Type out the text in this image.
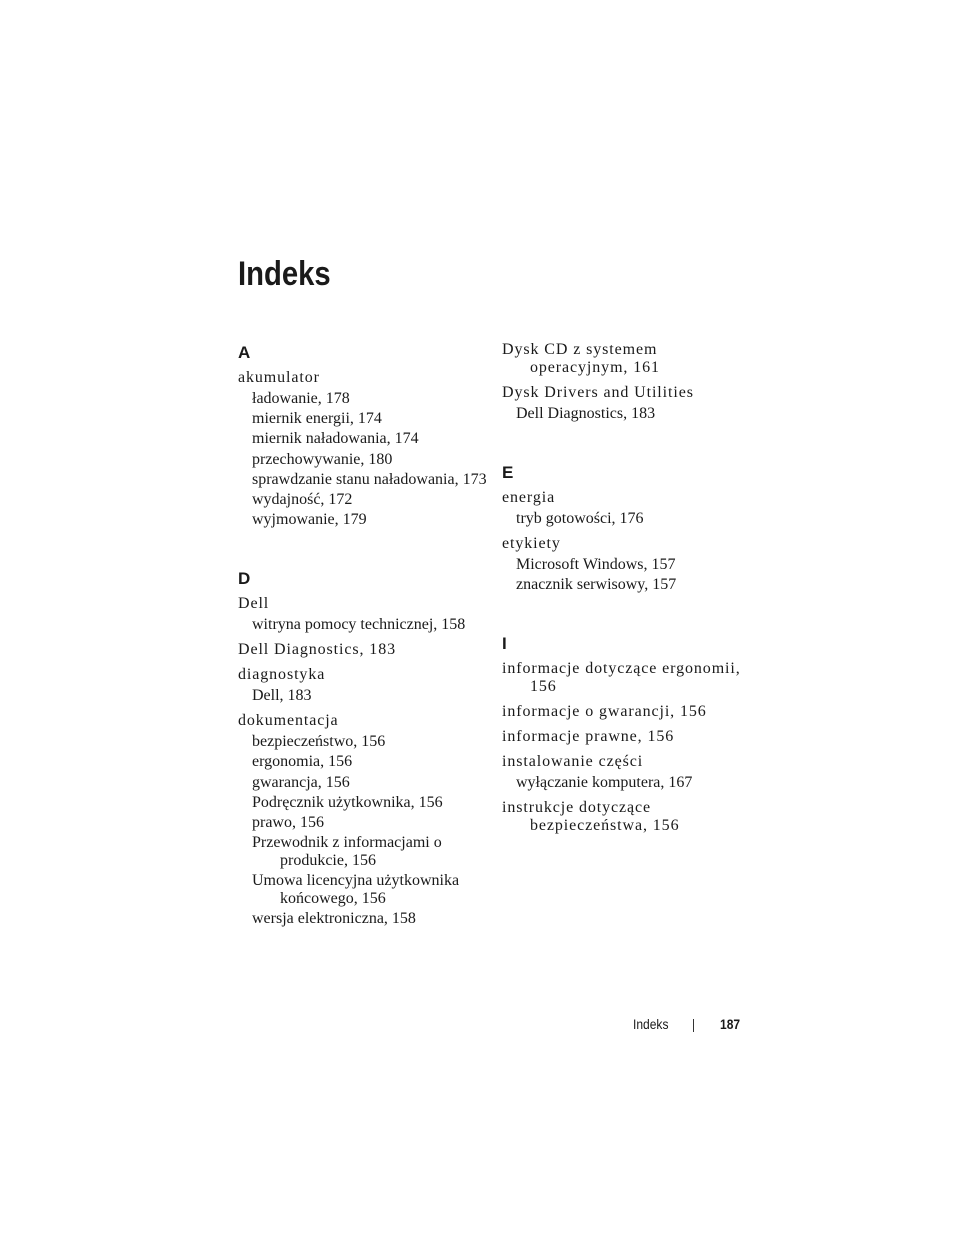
Indeks
A
akumulator
ładowanie, 178
miernik energii, 174
miernik naładowania, 174
przechowywanie, 180
sprawdzanie stanu naładowania, 173
wydajność, 172
wyjmowanie, 179
D
Dell
witryna pomocy technicznej, 158
Dell Diagnostics, 183
diagnostyka
Dell, 183
dokumentacja
bezpieczeństwo, 156
ergonomia, 156
gwarancja, 156
Podręcznik użytkownika, 156
prawo, 156
Przewodnik z informacjami o produkcie, 156
Umowa licencyjna użytkownika końcowego, 156
wersja elektroniczna, 158
Dysk CD z systemem operacyjnym, 161
Dysk Drivers and Utilities
Dell Diagnostics, 183
E
energia
tryb gotowości, 176
etykiety
Microsoft Windows, 157
znacznik serwisowy, 157
I
informacje dotyczące ergonomii, 156
informacje o gwarancji, 156
informacje prawne, 156
instalowanie części
wyłączanie komputera, 167
instrukcje dotyczące bezpieczeństwa, 156
Indeks	187
